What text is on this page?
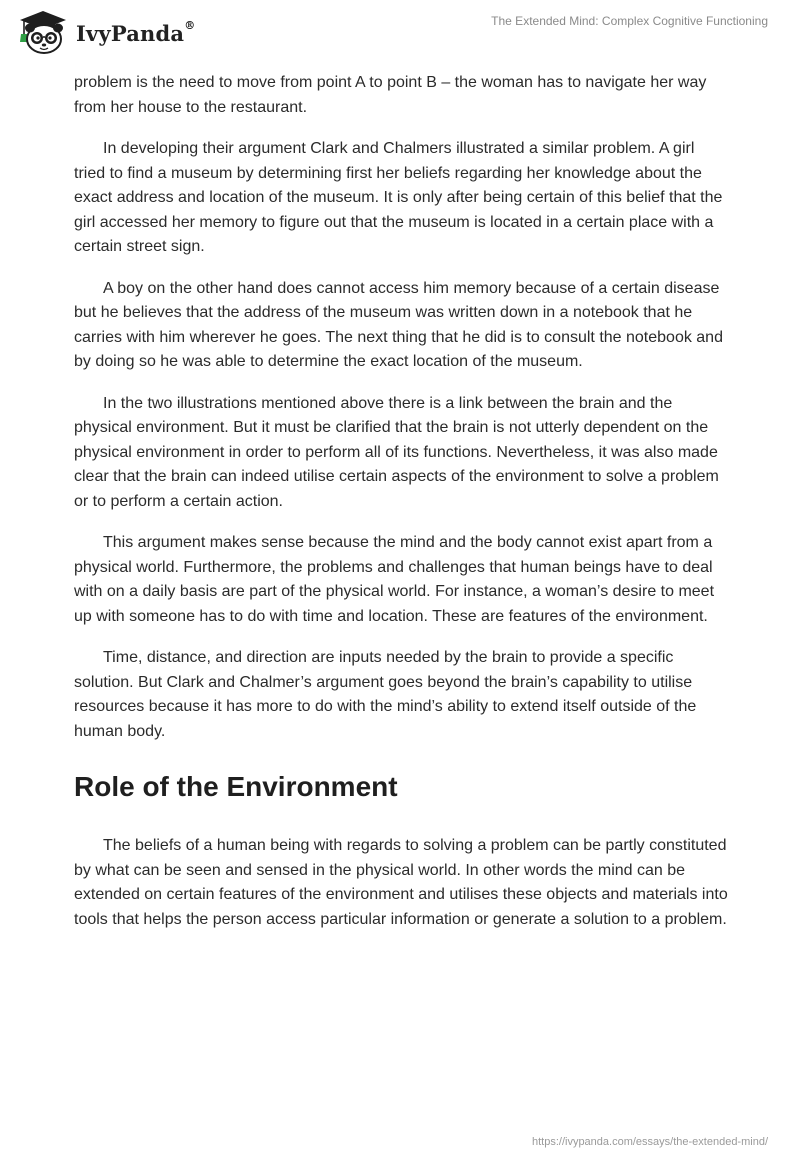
IvyPanda®	The Extended Mind: Complex Cognitive Functioning

problem is the need to move from point A to point B – the woman has to navigate her way from her house to the restaurant.

In developing their argument Clark and Chalmers illustrated a similar problem. A girl tried to find a museum by determining first her beliefs regarding her knowledge about the exact address and location of the museum. It is only after being certain of this belief that the girl accessed her memory to figure out that the museum is located in a certain place with a certain street sign.

A boy on the other hand does cannot access him memory because of a certain disease but he believes that the address of the museum was written down in a notebook that he carries with him wherever he goes. The next thing that he did is to consult the notebook and by doing so he was able to determine the exact location of the museum.

In the two illustrations mentioned above there is a link between the brain and the physical environment. But it must be clarified that the brain is not utterly dependent on the physical environment in order to perform all of its functions. Nevertheless, it was also made clear that the brain can indeed utilise certain aspects of the environment to solve a problem or to perform a certain action.

This argument makes sense because the mind and the body cannot exist apart from a physical world. Furthermore, the problems and challenges that human beings have to deal with on a daily basis are part of the physical world. For instance, a woman’s desire to meet up with someone has to do with time and location. These are features of the environment.

Time, distance, and direction are inputs needed by the brain to provide a specific solution. But Clark and Chalmer’s argument goes beyond the brain’s capability to utilise resources because it has more to do with the mind’s ability to extend itself outside of the human body.

Role of the Environment

The beliefs of a human being with regards to solving a problem can be partly constituted by what can be seen and sensed in the physical world. In other words the mind can be extended on certain features of the environment and utilises these objects and materials into tools that helps the person access particular information or generate a solution to a problem.

https://ivypanda.com/essays/the-extended-mind/
